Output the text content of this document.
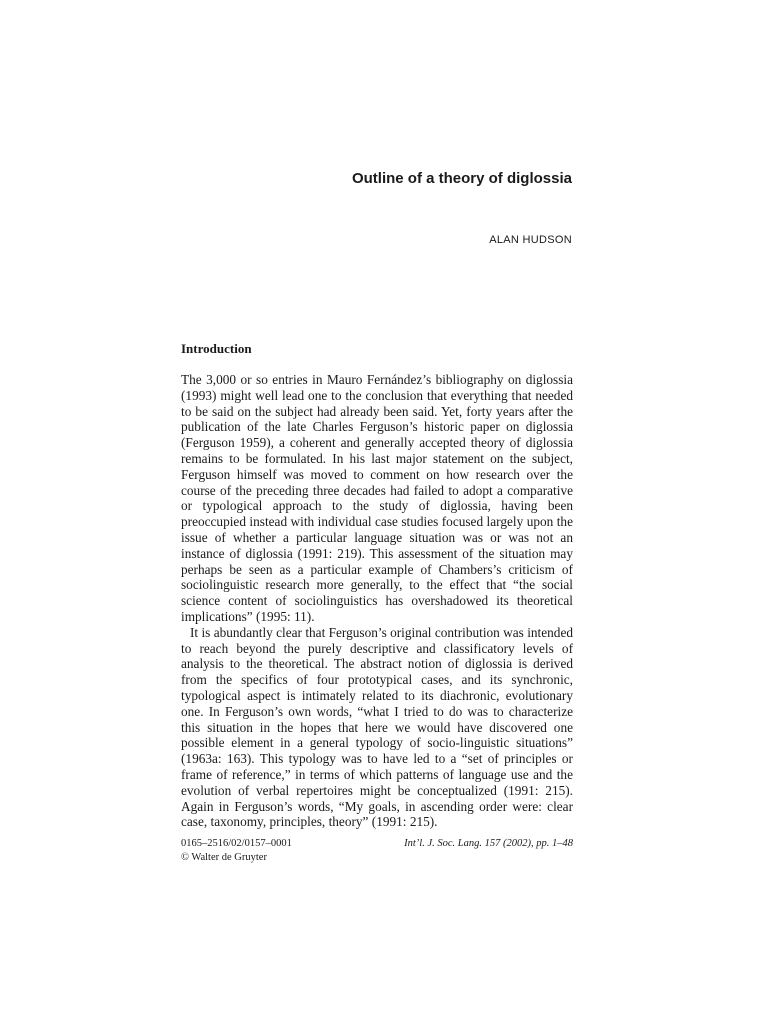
Outline of a theory of diglossia
ALAN HUDSON
Introduction

The 3,000 or so entries in Mauro Fernández’s bibliography on diglossia (1993) might well lead one to the conclusion that everything that needed to be said on the subject had already been said. Yet, forty years after the publication of the late Charles Ferguson’s historic paper on diglossia (Ferguson 1959), a coherent and generally accepted theory of diglossia remains to be formulated. In his last major statement on the subject, Ferguson himself was moved to comment on how research over the course of the preceding three decades had failed to adopt a comparative or typological approach to the study of diglossia, having been preoccupied instead with individual case studies focused largely upon the issue of whether a particular language situation was or was not an instance of diglossia (1991: 219). This assessment of the situation may perhaps be seen as a particular example of Chambers’s criticism of sociolinguistic research more generally, to the effect that “the social science content of sociolinguistics has overshadowed its theoretical implications” (1995: 11).

It is abundantly clear that Ferguson’s original contribution was intended to reach beyond the purely descriptive and classificatory levels of analysis to the theoretical. The abstract notion of diglossia is derived from the specifics of four prototypical cases, and its synchronic, typological aspect is intimately related to its diachronic, evolutionary one. In Ferguson’s own words, “what I tried to do was to characterize this situation in the hopes that here we would have discovered one possible element in a general typology of socio-linguistic situations” (1963a: 163). This typology was to have led to a “set of principles or frame of reference,” in terms of which patterns of language use and the evolution of verbal repertoires might be conceptualized (1991: 215). Again in Ferguson’s words, “My goals, in ascending order were: clear case, taxonomy, principles, theory” (1991: 215).

0165–2516/02/0157–0001
© Walter de Gruyter
Int’l. J. Soc. Lang. 157 (2002), pp. 1–48
